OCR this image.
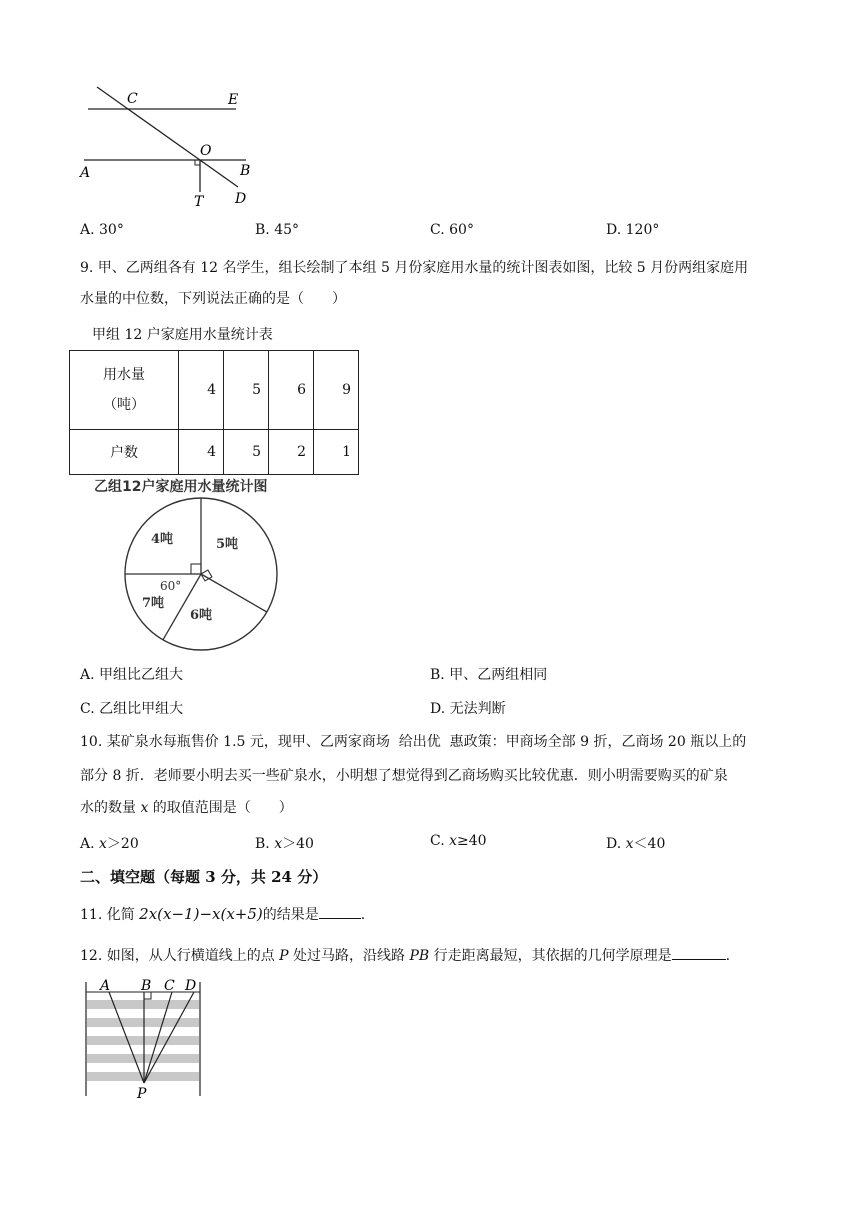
C	E
O
A	B
T D
A. 30°	B. 45°	C. 60°	D. 120°
9. 甲、乙两组各有 12 名学生，组长绘制了本组 5 月份家庭用水量的统计图表如图，比较 5 月份两组家庭用
水量的中位数，下列说法正确的是（　　）
甲组 12 户家庭用水量统计表
用水量
（吨）	4	5	6	9
户数	4	5	2	1
乙组12户家庭用水量统计图
4吨	5吨
6吨
7吨
60°
A. 甲组比乙组大	B. 甲、乙两组相同
C. 乙组比甲组大	D. 无法判断
10. 某矿泉水每瓶售价 1.5 元，现甲、乙两家商场  给出优  惠政策：甲商场全部 9 折，乙商场 20 瓶以上的
部分 8 折．老师要小明去买一些矿泉水，小明想了想觉得到乙商场购买比较优惠．则小明需要购买的矿泉
水的数量 x 的取值范围是（　　）
A. x＞20	B. x＞40	C. x≥40	D. x＜40
二、填空题（每题 3 分，共 24 分）
11. 化简 2x(x−1)−x(x+5)的结果是	.
12. 如图，从人行横道线上的点 P 处过马路，沿线路 PB 行走距离最短，其依据的几何学原理是	.
A B C D
P
